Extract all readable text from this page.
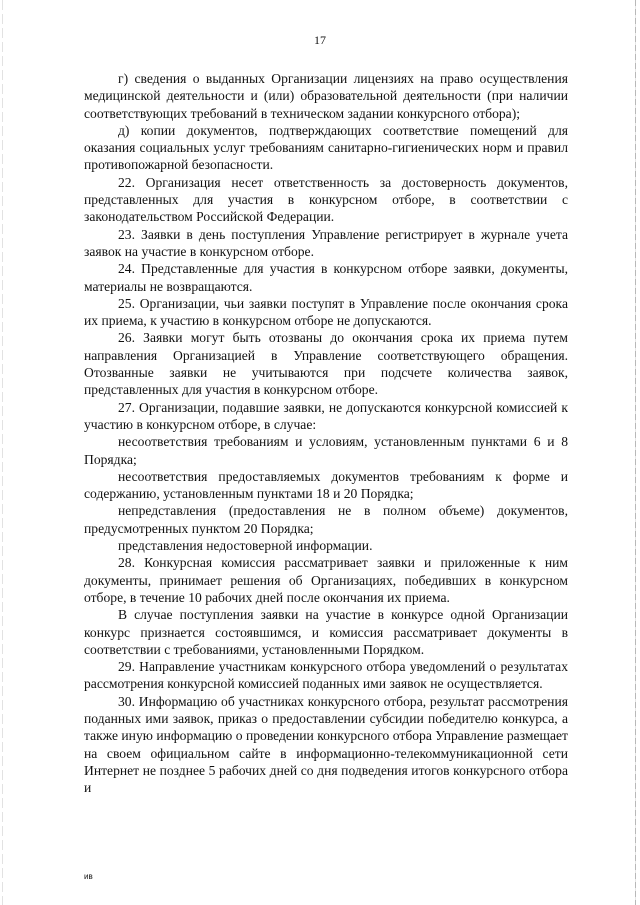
17

г) сведения о выданных Организации лицензиях на право осуществления медицинской деятельности и (или) образовательной деятельности (при наличии соответствующих требований в техническом задании конкурсного отбора);

д) копии документов, подтверждающих соответствие помещений для оказания социальных услуг требованиям санитарно-гигиенических норм и правил противопожарной безопасности.

22. Организация несет ответственность за достоверность документов, представленных для участия в конкурсном отборе, в соответствии с законодательством Российской Федерации.

23. Заявки в день поступления Управление регистрирует в журнале учета заявок на участие в конкурсном отборе.

24. Представленные для участия в конкурсном отборе заявки, документы, материалы не возвращаются.

25. Организации, чьи заявки поступят в Управление после окончания срока их приема, к участию в конкурсном отборе не допускаются.

26. Заявки могут быть отозваны до окончания срока их приема путем направления Организацией в Управление соответствующего обращения. Отозванные заявки не учитываются при подсчете количества заявок, представленных для участия в конкурсном отборе.

27. Организации, подавшие заявки, не допускаются конкурсной комиссией к участию в конкурсном отборе, в случае:

несоответствия требованиям и условиям, установленным пунктами 6 и 8 Порядка;

несоответствия предоставляемых документов требованиям к форме и содержанию, установленным пунктами 18 и 20 Порядка;

непредставления (предоставления не в полном объеме) документов, предусмотренных пунктом 20 Порядка;

представления недостоверной информации.

28. Конкурсная комиссия рассматривает заявки и приложенные к ним документы, принимает решения об Организациях, победивших в конкурсном отборе, в течение 10 рабочих дней после окончания их приема.

В случае поступления заявки на участие в конкурсе одной Организации конкурс признается состоявшимся, и комиссия рассматривает документы в соответствии с требованиями, установленными Порядком.

29. Направление участникам конкурсного отбора уведомлений о результатах рассмотрения конкурсной комиссией поданных ими заявок не осуществляется.

30. Информацию об участниках конкурсного отбора, результат рассмотрения поданных ими заявок, приказ о предоставлении субсидии победителю конкурса, а также иную информацию о проведении конкурсного отбора Управление размещает на своем официальном сайте в информационно-телекоммуникационной сети Интернет не позднее 5 рабочих дней со дня подведения итогов конкурсного отбора и

ив
